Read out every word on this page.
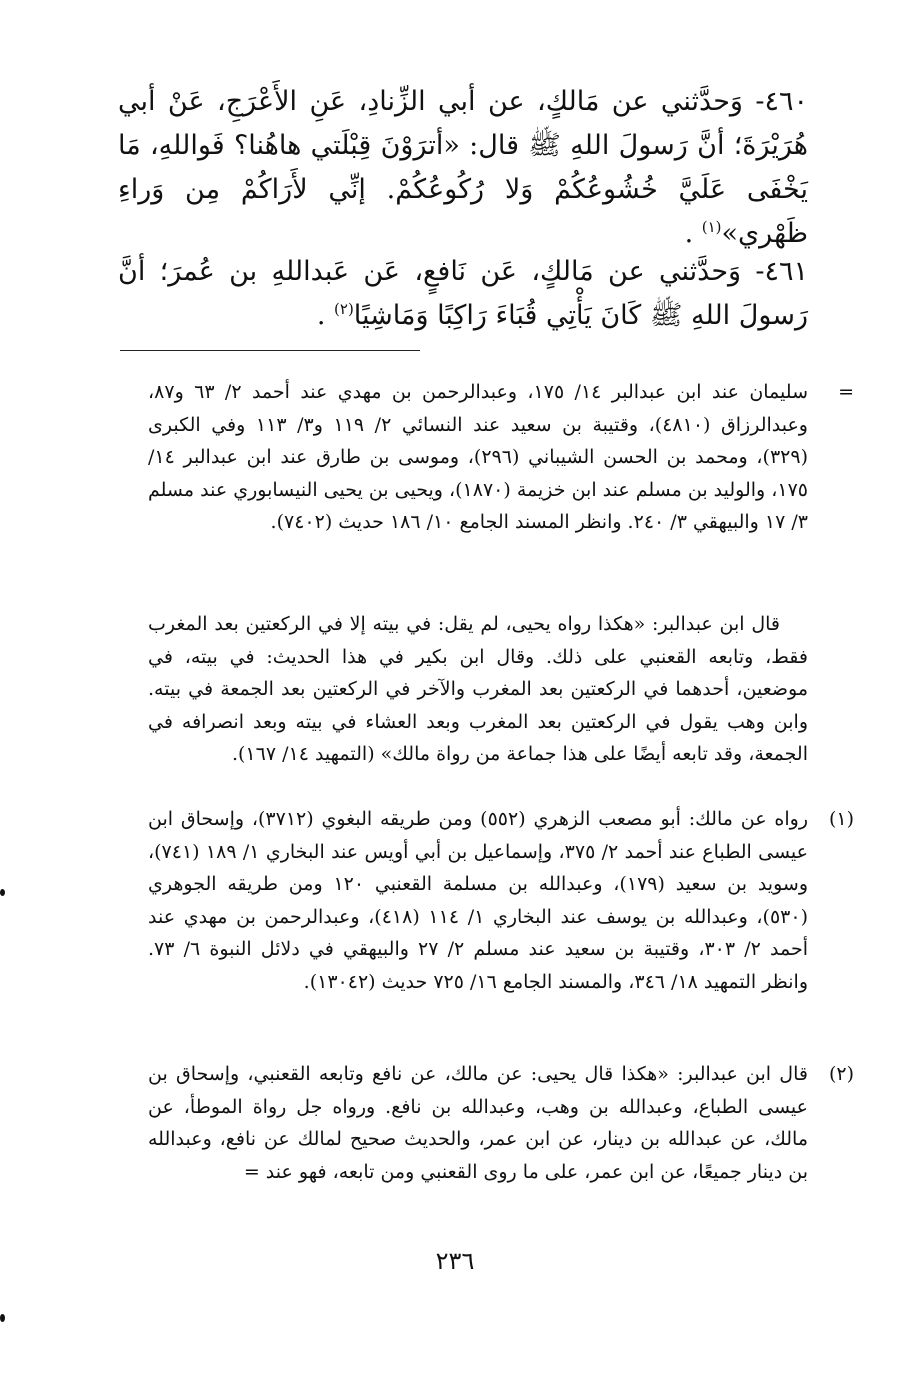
٤٦٠- وَحدَّثني عن مَالكٍ، عن أبي الزِّنادِ، عَنِ الأَعْرَجِ، عَنْ أبي هُرَيْرَةَ؛ أنَّ رَسولَ اللهِ ﷺ قال: «أترَوْنَ قِبْلَتي هاهُنا؟ فَواللهِ، مَا يَخْفَى عَلَيَّ خُشُوعُكُمْ وَلا رُكُوعُكُمْ. إنِّي لأَرَاكُمْ مِن وَراءِ ظَهْري»$^{(١)}$ .
٤٦١- وَحدَّثني عن مَالكٍ، عَن نَافعٍ، عَن عَبداللهِ بن عُمرَ؛ أنَّ رَسولَ اللهِ ﷺ كَانَ يَأْتِي قُبَاءَ رَاكِبًا وَمَاشِيًا$^{(٢)}$ .
=
سليمان عند ابن عبدالبر ١٤/ ١٧٥، وعبدالرحمن بن مهدي عند أحمد ٢/ ٦٣ و٨٧، وعبدالرزاق (٤٨١٠)، وقتيبة بن سعيد عند النسائي ٢/ ١١٩ و٣/ ١١٣ وفي الكبرى (٣٢٩)، ومحمد بن الحسن الشيباني (٢٩٦)، وموسى بن طارق عند ابن عبدالبر ١٤/ ١٧٥، والوليد بن مسلم عند ابن خزيمة (١٨٧٠)، ويحيى بن يحيى النيسابوري عند مسلم ٣/ ١٧ والبيهقي ٣/ ٢٤٠. وانظر المسند الجامع ١٠/ ١٨٦ حديث (٧٤٠٢).
قال ابن عبدالبر: «هكذا رواه يحيى، لم يقل: في بيته إلا في الركعتين بعد المغرب فقط، وتابعه القعنبي على ذلك. وقال ابن بكير في هذا الحديث: في بيته، في موضعين، أحدهما في الركعتين بعد المغرب والآخر في الركعتين بعد الجمعة في بيته. وابن وهب يقول في الركعتين بعد المغرب وبعد العشاء في بيته وبعد انصرافه في الجمعة، وقد تابعه أيضًا على هذا جماعة من رواة مالك» (التمهيد ١٤/ ١٦٧).
(١)
رواه عن مالك: أبو مصعب الزهري (٥٥٢) ومن طريقه البغوي (٣٧١٢)، وإسحاق ابن عيسى الطباع عند أحمد ٢/ ٣٧٥، وإسماعيل بن أبي أويس عند البخاري ١/ ١٨٩ (٧٤١)، وسويد بن سعيد (١٧٩)، وعبدالله بن مسلمة القعنبي ١٢٠ ومن طريقه الجوهري (٥٣٠)، وعبدالله بن يوسف عند البخاري ١/ ١١٤ (٤١٨)، وعبدالرحمن بن مهدي عند أحمد ٢/ ٣٠٣، وقتيبة بن سعيد عند مسلم ٢/ ٢٧ والبيهقي في دلائل النبوة ٦/ ٧٣. وانظر التمهيد ١٨/ ٣٤٦، والمسند الجامع ١٦/ ٧٢٥ حديث (١٣٠٤٢).
(٢)
قال ابن عبدالبر: «هكذا قال يحيى: عن مالك، عن نافع وتابعه القعنبي، وإسحاق بن عيسى الطباع، وعبدالله بن وهب، وعبدالله بن نافع. ورواه جل رواة الموطأ، عن مالك، عن عبدالله بن دينار، عن ابن عمر، والحديث صحيح لمالك عن نافع، وعبدالله بن دينار جميعًا، عن ابن عمر، على ما روى القعنبي ومن تابعه، فهو عند =
٢٣٦
